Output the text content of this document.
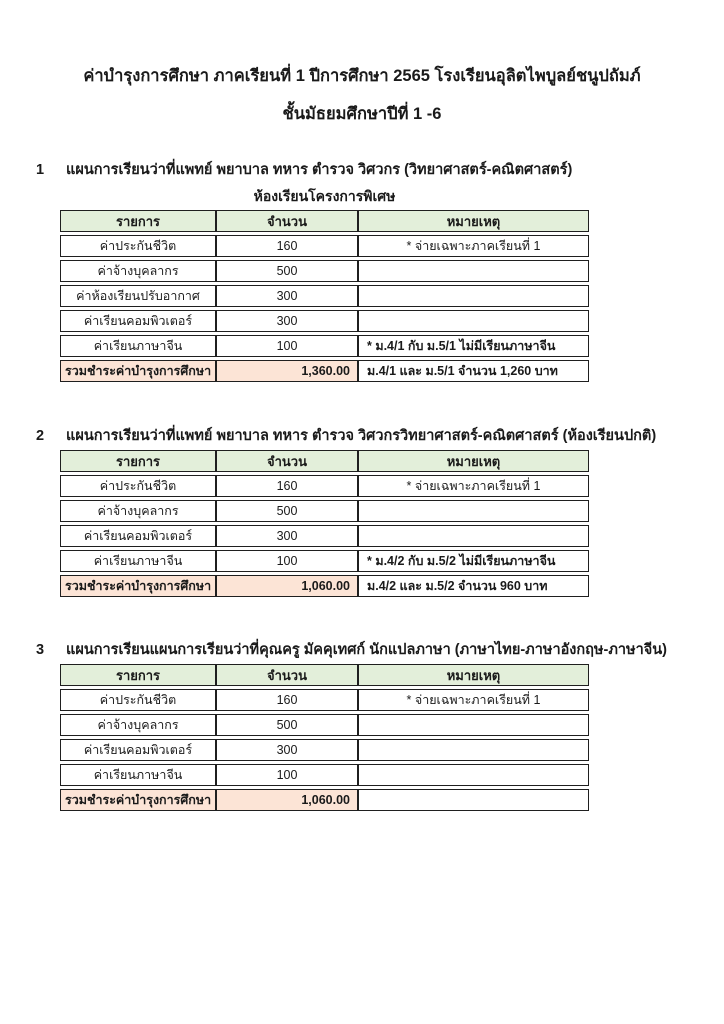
ค่าบำรุงการศึกษา ภาคเรียนที่ 1 ปีการศึกษา 2565 โรงเรียนอุลิตไพบูลย์ชนูปถัมภ์
ชั้นมัธยมศึกษาปีที่ 1 -6
1	แผนการเรียนว่าที่แพทย์ พยาบาล ทหาร ตำรวจ วิศวกร (วิทยาศาสตร์-คณิตศาสตร์)
ห้องเรียนโครงการพิเศษ
รายการ	จำนวน	หมายเหตุ
ค่าประกันชีวิต	160	* จ่ายเฉพาะภาคเรียนที่ 1
ค่าจ้างบุคลากร	500	
ค่าห้องเรียนปรับอากาศ	300	
ค่าเรียนคอมพิวเตอร์	300	
ค่าเรียนภาษาจีน	100	* ม.4/1 กับ ม.5/1 ไม่มีเรียนภาษาจีน
รวมชำระค่าบำรุงการศึกษา	1,360.00	ม.4/1 และ ม.5/1 จำนวน 1,260 บาท
2	แผนการเรียนว่าที่แพทย์ พยาบาล ทหาร ตำรวจ วิศวกรวิทยาศาสตร์-คณิตศาสตร์ (ห้องเรียนปกติ)
รายการ	จำนวน	หมายเหตุ
ค่าประกันชีวิต	160	* จ่ายเฉพาะภาคเรียนที่ 1
ค่าจ้างบุคลากร	500	
ค่าเรียนคอมพิวเตอร์	300	
ค่าเรียนภาษาจีน	100	* ม.4/2 กับ ม.5/2 ไม่มีเรียนภาษาจีน
รวมชำระค่าบำรุงการศึกษา	1,060.00	ม.4/2 และ ม.5/2 จำนวน 960 บาท
3	แผนการเรียนแผนการเรียนว่าที่คุณครู มัคคุเทศก์ นักแปลภาษา (ภาษาไทย-ภาษาอังกฤษ-ภาษาจีน)
รายการ	จำนวน	หมายเหตุ
ค่าประกันชีวิต	160	* จ่ายเฉพาะภาคเรียนที่ 1
ค่าจ้างบุคลากร	500	
ค่าเรียนคอมพิวเตอร์	300	
ค่าเรียนภาษาจีน	100	
รวมชำระค่าบำรุงการศึกษา	1,060.00	
